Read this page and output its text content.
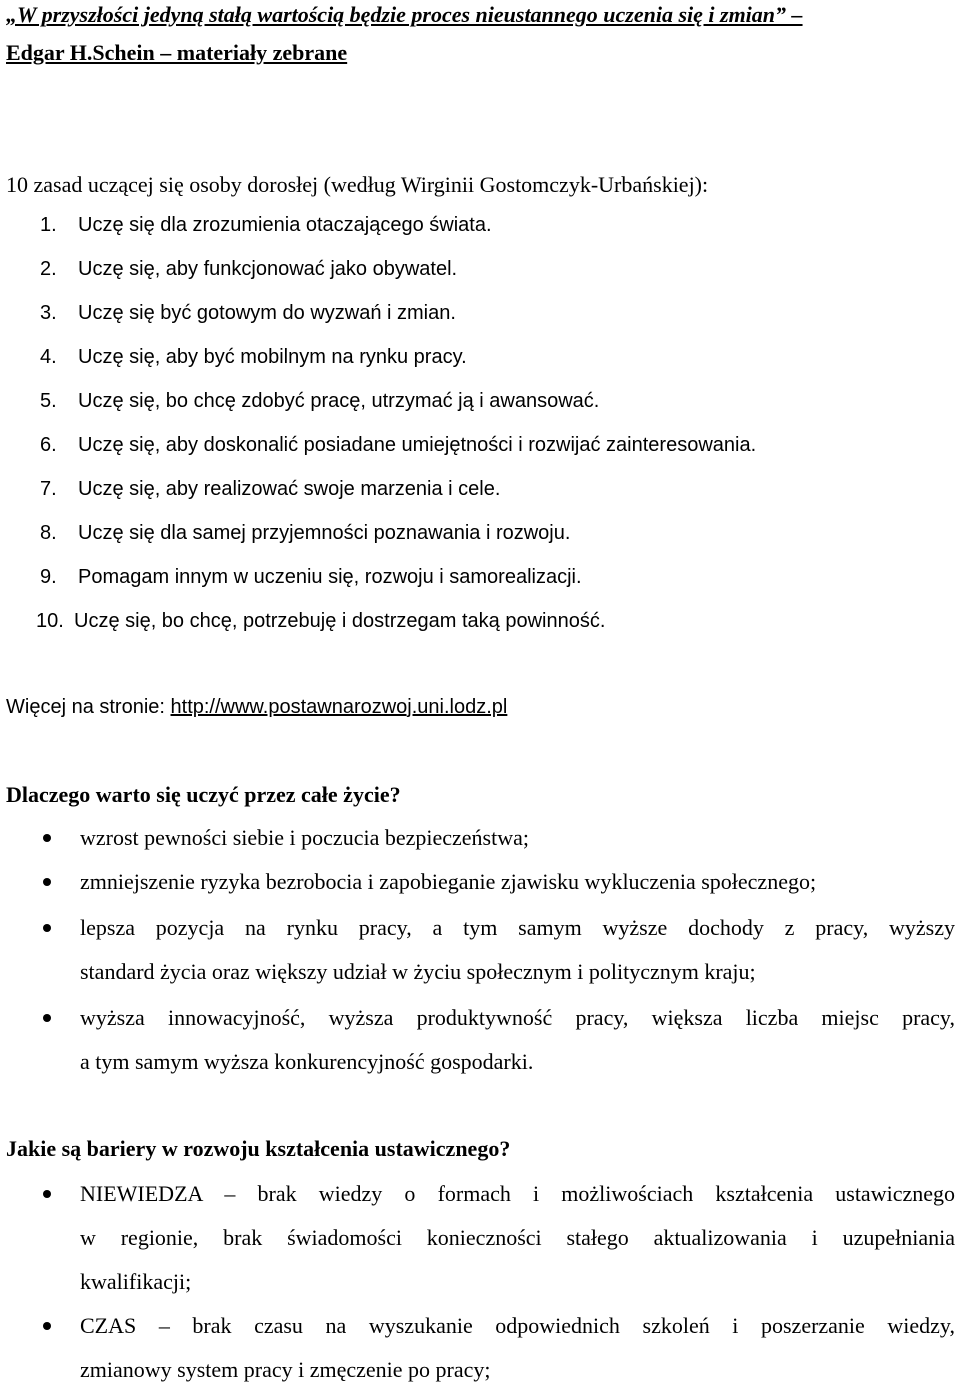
„W przyszłości jedyną stałą wartością będzie proces nieustannego uczenia się i zmian” –
Edgar H.Schein – materiały zebrane
10 zasad uczącej się osoby dorosłej (według Wirginii Gostomczyk-Urbańskiej):
1. Uczę się dla zrozumienia otaczającego świata.
2. Uczę się, aby funkcjonować jako obywatel.
3. Uczę się być gotowym do wyzwań i zmian.
4. Uczę się, aby być mobilnym na rynku pracy.
5. Uczę się, bo chcę zdobyć pracę, utrzymać ją i awansować.
6. Uczę się, aby doskonalić posiadane umiejętności i rozwijać zainteresowania.
7. Uczę się, aby realizować swoje marzenia i cele.
8. Uczę się dla samej przyjemności poznawania i rozwoju.
9. Pomagam innym w uczeniu się, rozwoju i samorealizacji.
10. Uczę się, bo chcę, potrzebuję i dostrzegam taką powinność.
Więcej na stronie: http://www.postawnarozwoj.uni.lodz.pl
Dlaczego warto się uczyć przez całe życie?
wzrost pewności siebie i poczucia bezpieczeństwa;
zmniejszenie ryzyka bezrobocia i zapobieganie zjawisku wykluczenia społecznego;
lepsza pozycja na rynku pracy, a tym samym wyższe dochody z pracy, wyższy
standard życia oraz większy udział w życiu społecznym i politycznym kraju;
wyższa innowacyjność, wyższa produktywność pracy, większa liczba miejsc pracy,
a tym samym wyższa konkurencyjność gospodarki.
Jakie są bariery w rozwoju kształcenia ustawicznego?
NIEWIEDZA – brak wiedzy o formach i możliwościach kształcenia ustawicznego
w regionie, brak świadomości konieczności stałego aktualizowania i uzupełniania
kwalifikacji;
CZAS – brak czasu na wyszukanie odpowiednich szkoleń i poszerzanie wiedzy,
zmianowy system pracy i zmęczenie po pracy;
